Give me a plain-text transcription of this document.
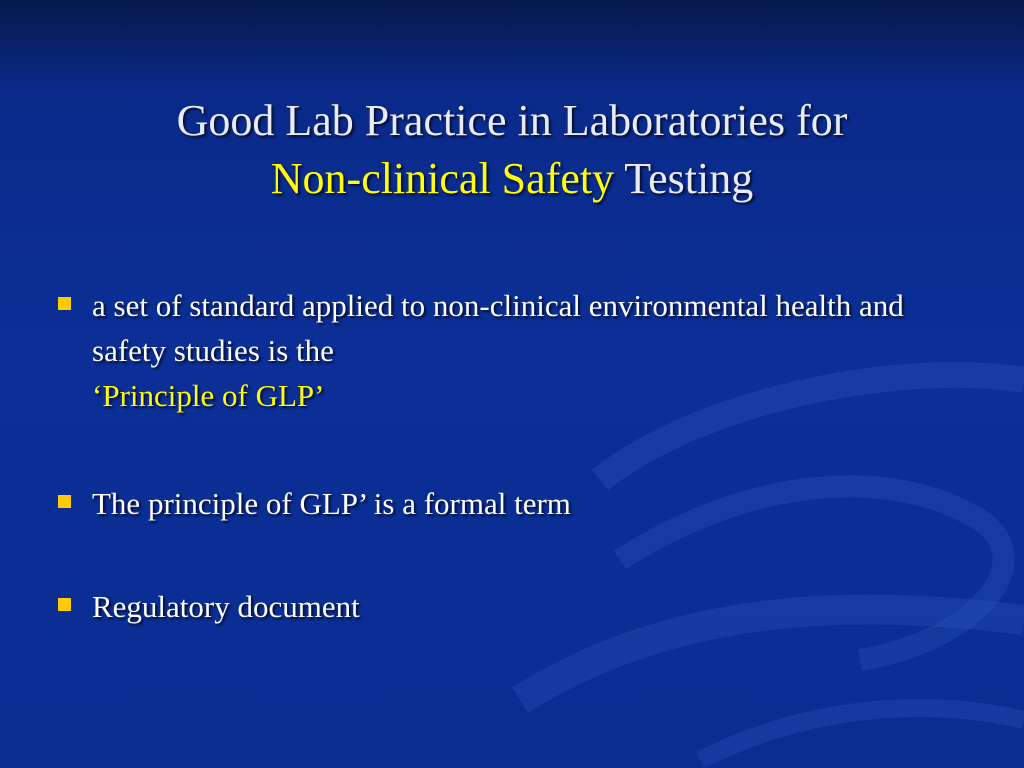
Good Lab Practice in Laboratories for
Non-clinical Safety Testing
a set of standard applied to non-clinical environmental health and safety studies is the
‘Principle of GLP’
The principle of GLP’ is a formal term
Regulatory document
